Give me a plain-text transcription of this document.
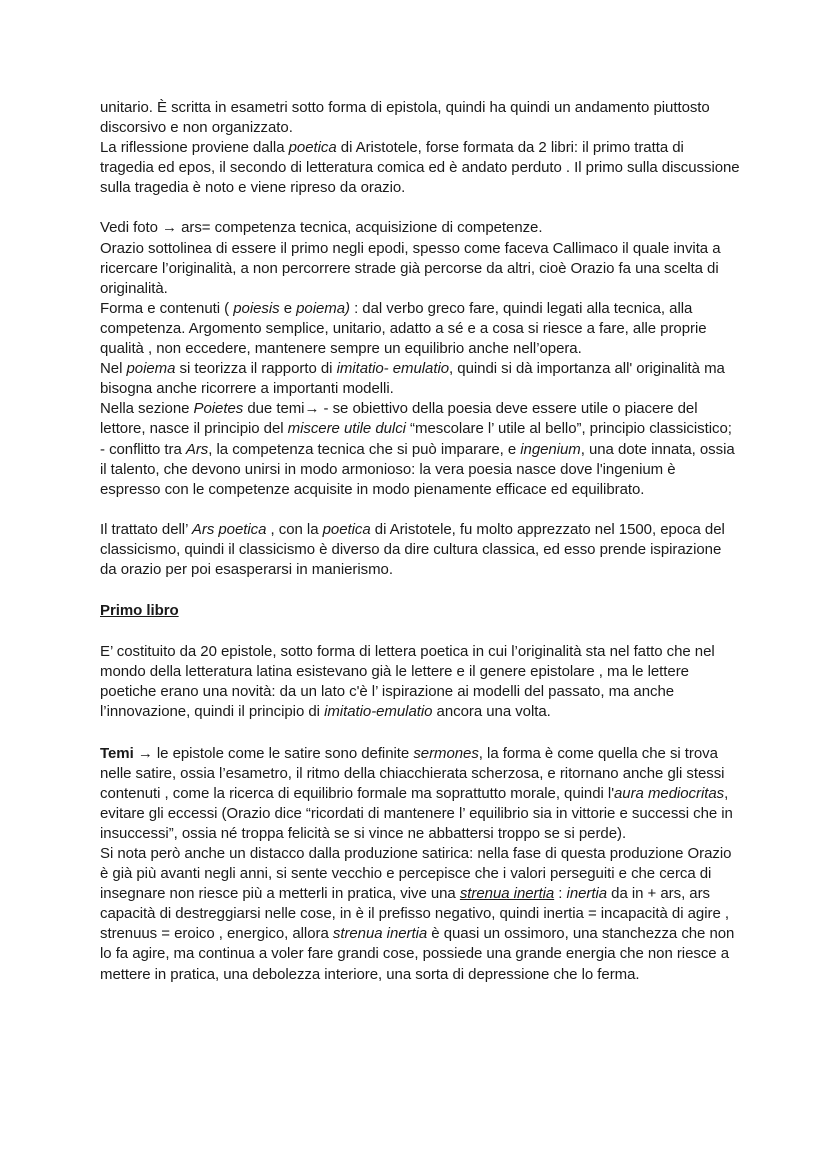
unitario. È scritta in esametri sotto forma di epistola, quindi ha quindi un andamento piuttosto discorsivo e non organizzato.

La riflessione proviene dalla poetica di Aristotele, forse formata da 2 libri: il primo tratta di tragedia ed epos, il secondo di letteratura comica ed è andato perduto . Il primo sulla discussione sulla tragedia è noto e viene ripreso da orazio.

Vedi foto → ars= competenza tecnica, acquisizione di competenze.

Orazio sottolinea di essere il primo negli epodi, spesso come faceva Callimaco il quale invita a ricercare l’originalità, a non percorrere strade già percorse da altri, cioè Orazio fa una scelta di originalità.

Forma e contenuti ( poiesis e poiema) : dal verbo greco fare, quindi legati alla tecnica, alla competenza. Argomento semplice, unitario, adatto a sé e a cosa si riesce a fare, alle proprie qualità , non eccedere, mantenere sempre un equilibrio anche nell’opera.

Nel poiema si teorizza il rapporto di imitatio- emulatio, quindi si dà importanza all' originalità ma bisogna anche ricorrere a importanti modelli.

Nella sezione Poietes due temi→ - se obiettivo della poesia deve essere utile o piacere del lettore, nasce il principio del miscere utile dulci “mescolare l’ utile al bello”, principio classicistico; - conflitto tra Ars, la competenza tecnica che si può imparare, e ingenium, una dote innata, ossia il talento, che devono unirsi in modo armonioso: la vera poesia nasce dove l'ingenium è espresso con le competenze acquisite in modo pienamente efficace ed equilibrato.

Il trattato dell’ Ars poetica , con la poetica di Aristotele, fu molto apprezzato nel 1500, epoca del classicismo, quindi il classicismo è diverso da dire cultura classica, ed esso prende ispirazione da orazio per poi esasperarsi in manierismo.

Primo libro

E’ costituito da 20 epistole, sotto forma di lettera poetica in cui l’originalità sta nel fatto che nel mondo della letteratura latina esistevano già le lettere e il genere epistolare , ma le lettere poetiche erano una novità: da un lato c'è l’ ispirazione ai modelli del passato, ma anche l’innovazione, quindi il principio di imitatio-emulatio ancora una volta.

Temi → le epistole come le satire sono definite sermones, la forma è come quella che si trova nelle satire, ossia l’esametro, il ritmo della chiacchierata scherzosa, e ritornano anche gli stessi contenuti , come la ricerca di equilibrio formale ma soprattutto morale, quindi l'aura mediocritas, evitare gli eccessi (Orazio dice “ricordati di mantenere l’ equilibrio sia in vittorie e successi che in insuccessi”, ossia né troppa felicità se si vince ne abbattersi troppo se si perde).

Si nota però anche un distacco dalla produzione satirica: nella fase di questa produzione Orazio è già più avanti negli anni, si sente vecchio e percepisce che i valori perseguiti e che cerca di insegnare non riesce più a metterli in pratica, vive una strenua inertia : inertia da in + ars, ars capacità di destreggiarsi nelle cose, in è il prefisso negativo, quindi inertia = incapacità di agire , strenuus = eroico , energico, allora strenua inertia è quasi un ossimoro, una stanchezza che non lo fa agire, ma continua a voler fare grandi cose, possiede una grande energia che non riesce a mettere in pratica, una debolezza interiore, una sorta di depressione che lo ferma.
